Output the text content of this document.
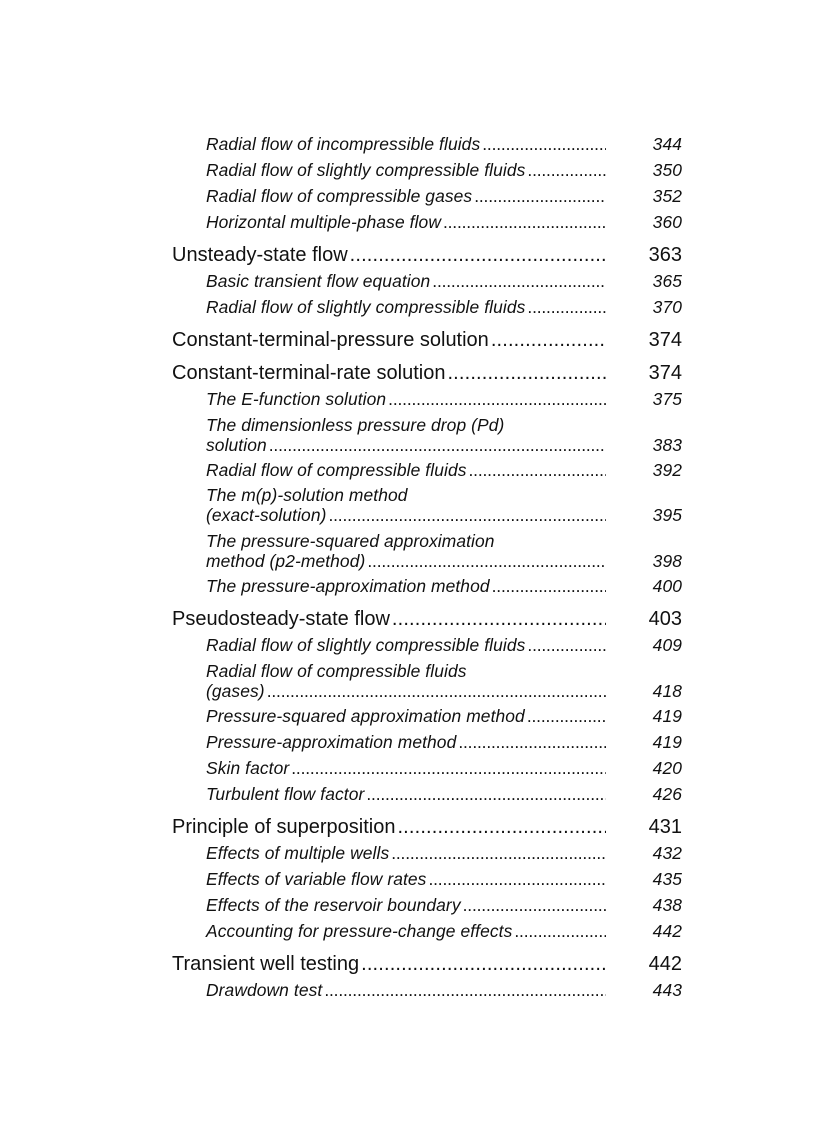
Radial flow of incompressible fluids . . .	344
Radial flow of slightly compressible fluids . . .	350
Radial flow of compressible gases . . .	352
Horizontal multiple-phase flow . . .	360
Unsteady-state flow . . .	363
Basic transient flow equation . . .	365
Radial flow of slightly compressible fluids . . .	370
Constant-terminal-pressure solution . . .	374
Constant-terminal-rate solution . . .	374
The E-function solution . . .	375
The dimensionless pressure drop (Pd)
solution . . .	383
Radial flow of compressible fluids . . .	392
The m(p)-solution method
(exact-solution) . . .	395
The pressure-squared approximation
method (p2-method) . . .	398
The pressure-approximation method . . .	400
Pseudosteady-state flow . . .	403
Radial flow of slightly compressible fluids . . .	409
Radial flow of compressible fluids
(gases) . . .	418
Pressure-squared approximation method . . .	419
Pressure-approximation method . . .	419
Skin factor . . .	420
Turbulent flow factor . . .	426
Principle of superposition . . .	431
Effects of multiple wells . . .	432
Effects of variable flow rates . . .	435
Effects of the reservoir boundary . . .	438
Accounting for pressure-change effects . . .	442
Transient well testing . . .	442
Drawdown test . . .	443
